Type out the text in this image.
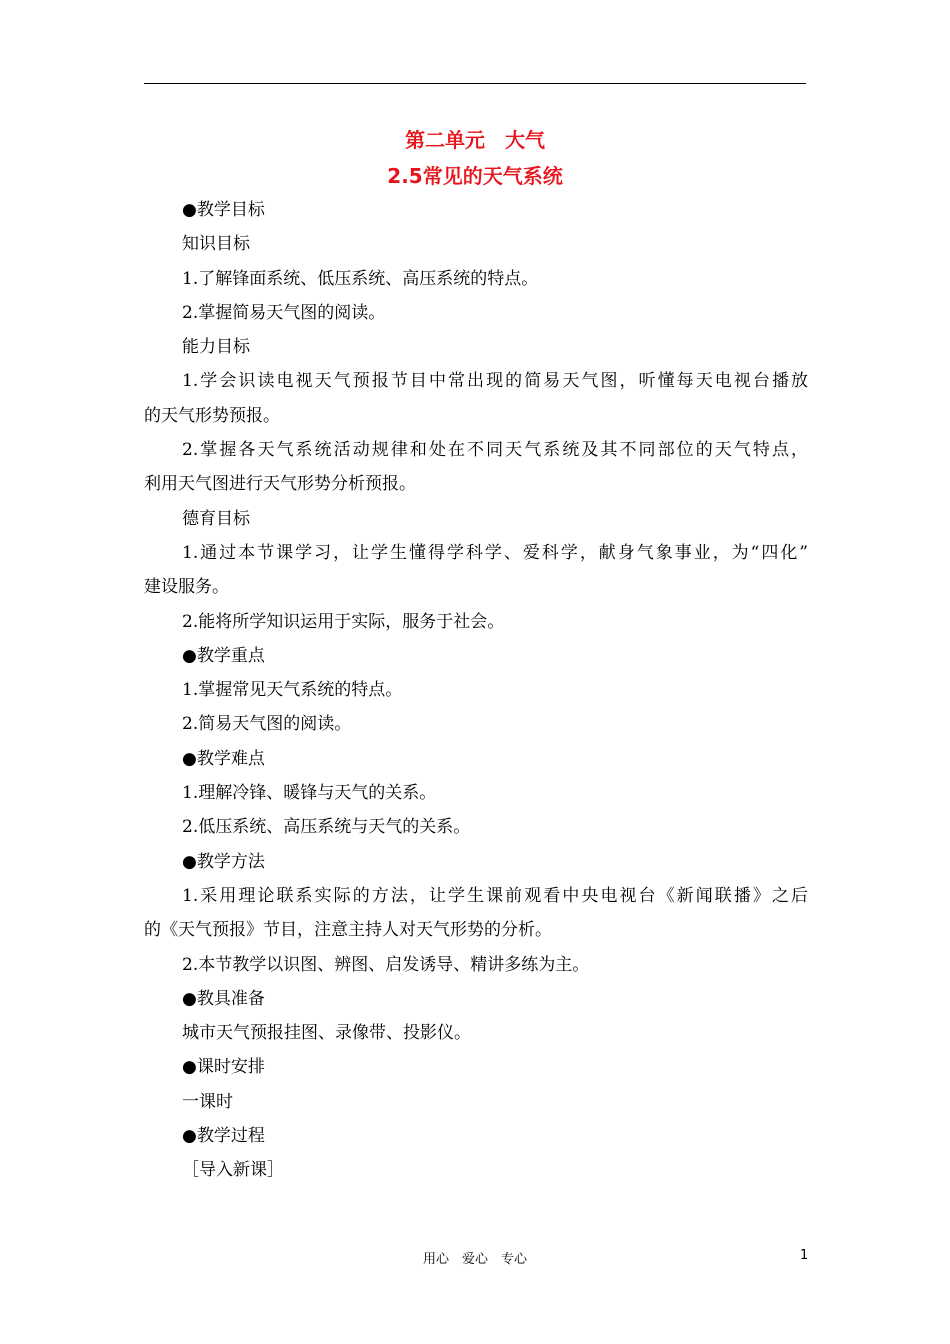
第二单元　大气
2.5常见的天气系统
●教学目标
知识目标
1.了解锋面系统、低压系统、高压系统的特点。
2.掌握简易天气图的阅读。
能力目标
1.学会识读电视天气预报节目中常出现的简易天气图，听懂每天电视台播放
的天气形势预报。
2.掌握各天气系统活动规律和处在不同天气系统及其不同部位的天气特点，
利用天气图进行天气形势分析预报。
德育目标
1.通过本节课学习，让学生懂得学科学、爱科学，献身气象事业，为“四化”
建设服务。
2.能将所学知识运用于实际，服务于社会。
●教学重点
1.掌握常见天气系统的特点。
2.简易天气图的阅读。
●教学难点
1.理解冷锋、暖锋与天气的关系。
2.低压系统、高压系统与天气的关系。
●教学方法
1.采用理论联系实际的方法，让学生课前观看中央电视台《新闻联播》之后
的《天气预报》节目，注意主持人对天气形势的分析。
2.本节教学以识图、辨图、启发诱导、精讲多练为主。
●教具准备
城市天气预报挂图、录像带、投影仪。
●课时安排
一课时
●教学过程
［导入新课］
用心　爱心　专心	1
